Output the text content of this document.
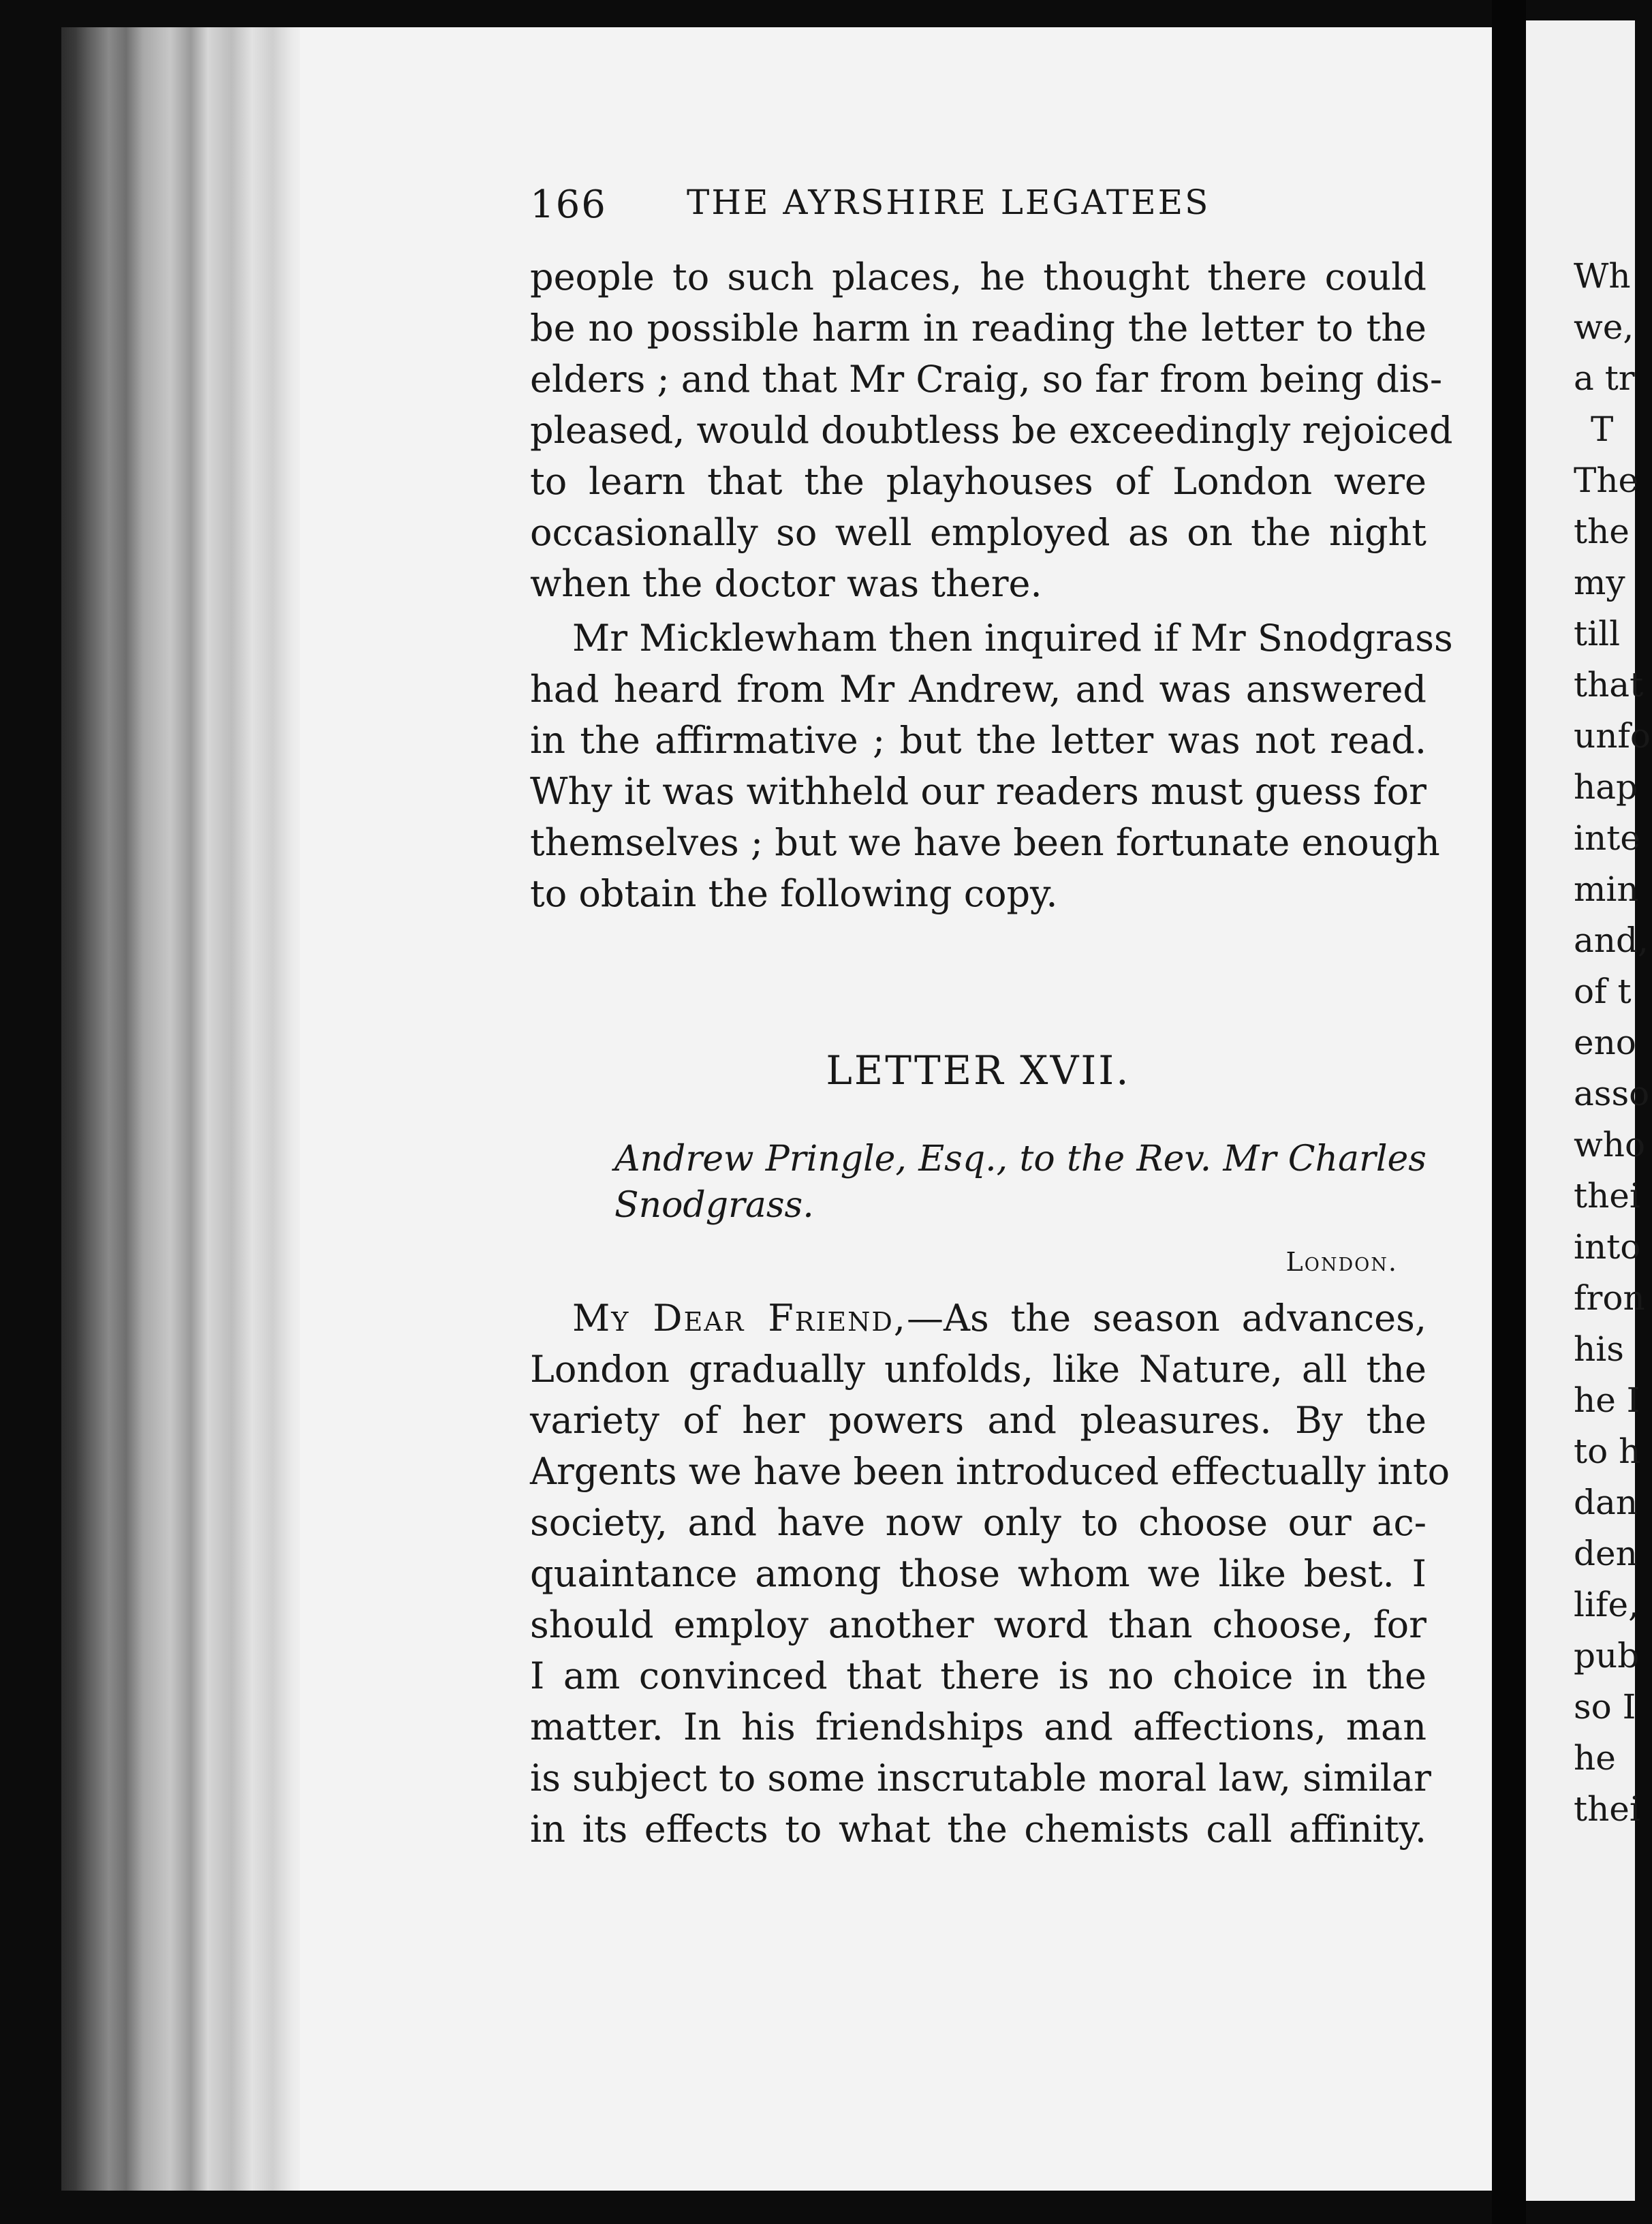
166 THE AYRSHIRE LEGATEES
people to such places, he thought there could
be no possible harm in reading the letter to the
elders ; and that Mr Craig, so far from being dis-
pleased, would doubtless be exceedingly rejoiced
to learn that the playhouses of London were
occasionally so well employed as on the night
when the doctor was there.
Mr Micklewham then inquired if Mr Snodgrass
had heard from Mr Andrew, and was answered
in the affirmative ; but the letter was not read.
Why it was withheld our readers must guess for
themselves ; but we have been fortunate enough
to obtain the following copy.
LETTER XVII.
Andrew Pringle, Esq., to the Rev. Mr Charles
Snodgrass.
London.
My Dear Friend,—As the season advances,
London gradually unfolds, like Nature, all the
variety of her powers and pleasures. By the
Argents we have been introduced effectually into
society, and have now only to choose our ac-
quaintance among those whom we like best. I
should employ another word than choose, for
I am convinced that there is no choice in the
matter. In his friendships and affections, man
is subject to some inscrutable moral law, similar
in its effects to what the chemists call affinity.
Wh
we,
a tr
T
The
the
my
till
that
unfo
hap
inte
min
and,
of t
eno
asso
who
thei
into
fron
his
he I
to h
dan
den
life,
pub
so I
he
thei
